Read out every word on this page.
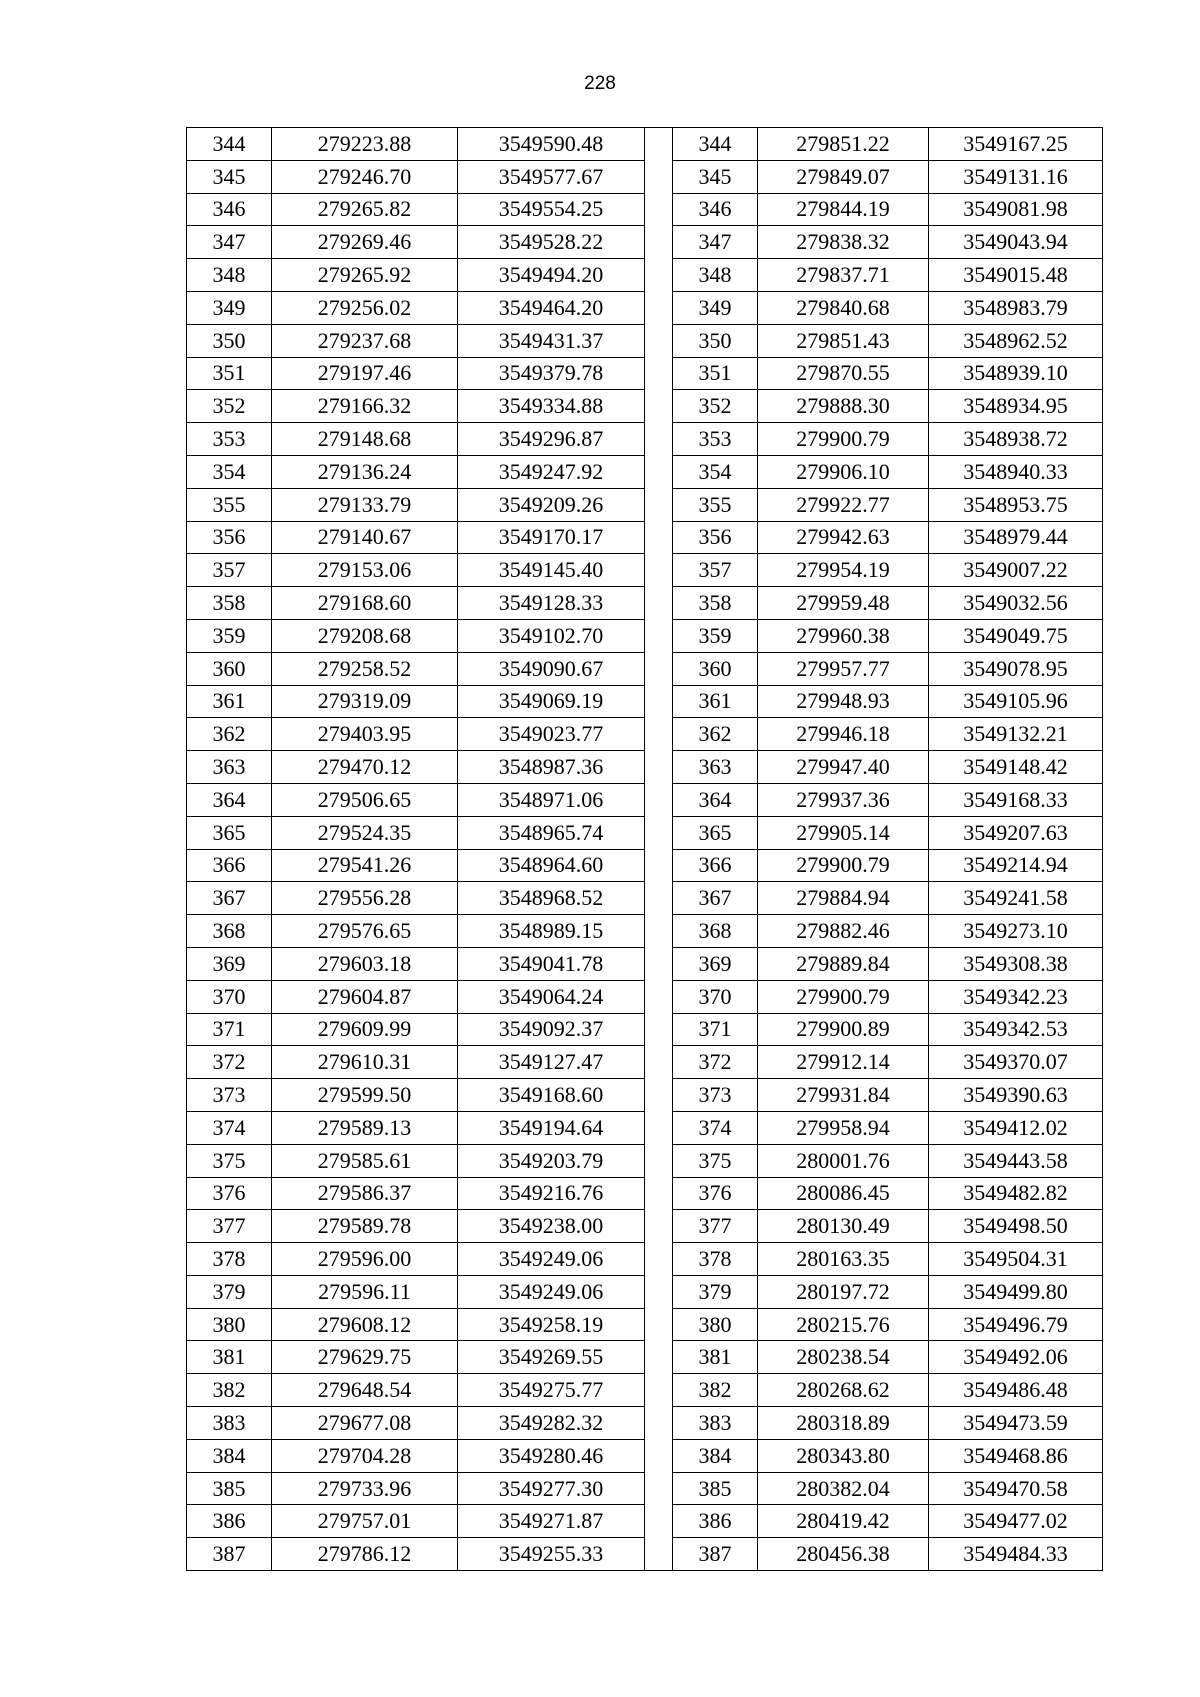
228
344	279223.88	3549590.48		344	279851.22	3549167.25
345	279246.70	3549577.67		345	279849.07	3549131.16
346	279265.82	3549554.25		346	279844.19	3549081.98
347	279269.46	3549528.22		347	279838.32	3549043.94
348	279265.92	3549494.20		348	279837.71	3549015.48
349	279256.02	3549464.20		349	279840.68	3548983.79
350	279237.68	3549431.37		350	279851.43	3548962.52
351	279197.46	3549379.78		351	279870.55	3548939.10
352	279166.32	3549334.88		352	279888.30	3548934.95
353	279148.68	3549296.87		353	279900.79	3548938.72
354	279136.24	3549247.92		354	279906.10	3548940.33
355	279133.79	3549209.26		355	279922.77	3548953.75
356	279140.67	3549170.17		356	279942.63	3548979.44
357	279153.06	3549145.40		357	279954.19	3549007.22
358	279168.60	3549128.33		358	279959.48	3549032.56
359	279208.68	3549102.70		359	279960.38	3549049.75
360	279258.52	3549090.67		360	279957.77	3549078.95
361	279319.09	3549069.19		361	279948.93	3549105.96
362	279403.95	3549023.77		362	279946.18	3549132.21
363	279470.12	3548987.36		363	279947.40	3549148.42
364	279506.65	3548971.06		364	279937.36	3549168.33
365	279524.35	3548965.74		365	279905.14	3549207.63
366	279541.26	3548964.60		366	279900.79	3549214.94
367	279556.28	3548968.52		367	279884.94	3549241.58
368	279576.65	3548989.15		368	279882.46	3549273.10
369	279603.18	3549041.78		369	279889.84	3549308.38
370	279604.87	3549064.24		370	279900.79	3549342.23
371	279609.99	3549092.37		371	279900.89	3549342.53
372	279610.31	3549127.47		372	279912.14	3549370.07
373	279599.50	3549168.60		373	279931.84	3549390.63
374	279589.13	3549194.64		374	279958.94	3549412.02
375	279585.61	3549203.79		375	280001.76	3549443.58
376	279586.37	3549216.76		376	280086.45	3549482.82
377	279589.78	3549238.00		377	280130.49	3549498.50
378	279596.00	3549249.06		378	280163.35	3549504.31
379	279596.11	3549249.06		379	280197.72	3549499.80
380	279608.12	3549258.19		380	280215.76	3549496.79
381	279629.75	3549269.55		381	280238.54	3549492.06
382	279648.54	3549275.77		382	280268.62	3549486.48
383	279677.08	3549282.32		383	280318.89	3549473.59
384	279704.28	3549280.46		384	280343.80	3549468.86
385	279733.96	3549277.30		385	280382.04	3549470.58
386	279757.01	3549271.87		386	280419.42	3549477.02
387	279786.12	3549255.33		387	280456.38	3549484.33
